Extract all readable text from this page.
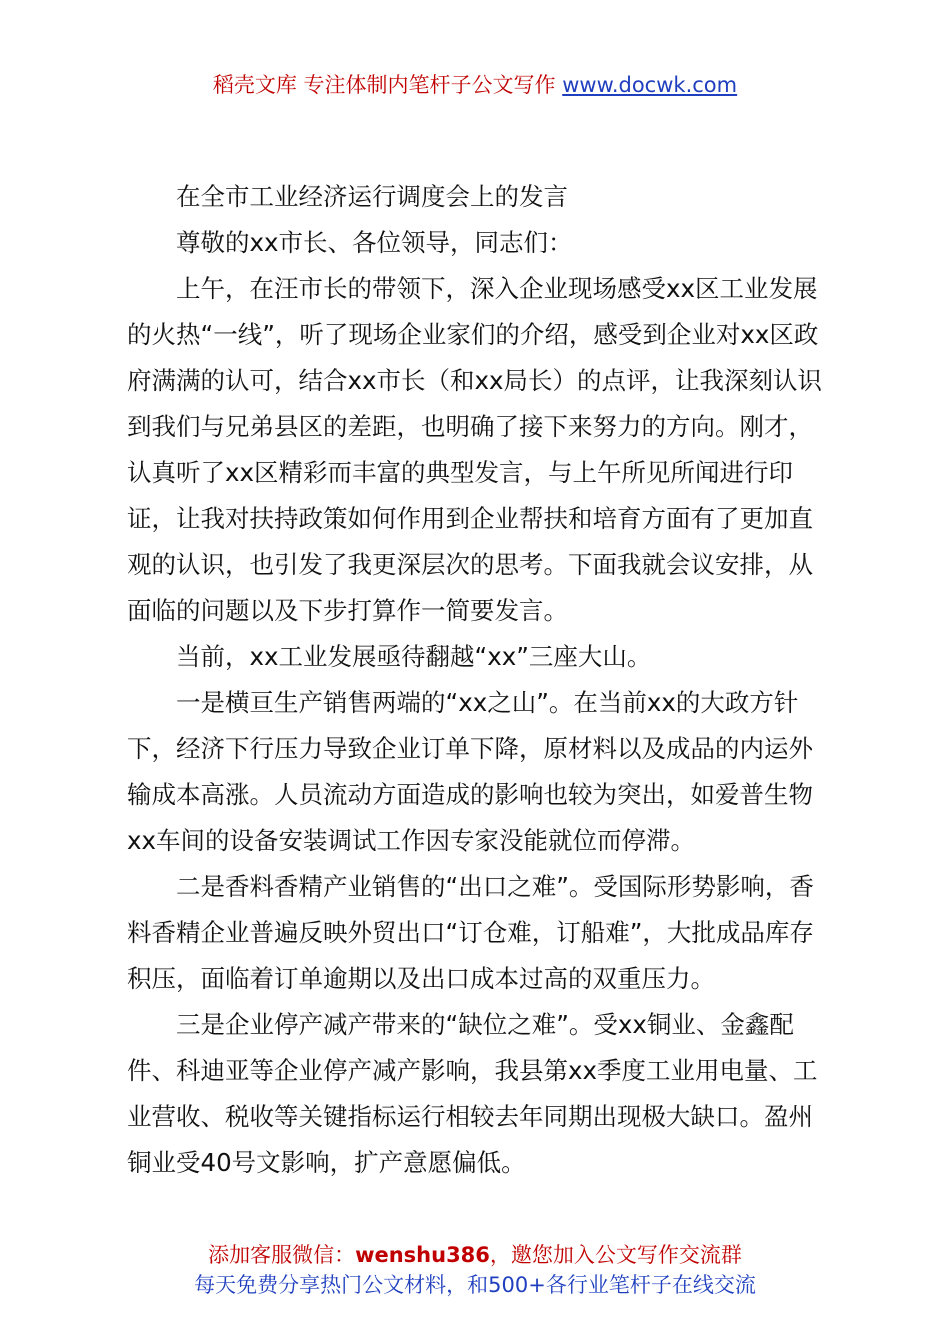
稻壳文库 专注体制内笔杆子公文写作 www.docwk.com

在全市工业经济运行调度会上的发言

尊敬的xx市长、各位领导，同志们：

上午，在汪市长的带领下，深入企业现场感受xx区工业发展的火热“一线”，听了现场企业家们的介绍，感受到企业对xx区政府满满的认可，结合xx市长（和xx局长）的点评，让我深刻认识到我们与兄弟县区的差距，也明确了接下来努力的方向。刚才，认真听了xx区精彩而丰富的典型发言，与上午所见所闻进行印证，让我对扶持政策如何作用到企业帮扶和培育方面有了更加直观的认识，也引发了我更深层次的思考。下面我就会议安排，从面临的问题以及下步打算作一简要发言。

当前，xx工业发展亟待翻越“xx”三座大山。

一是横亘生产销售两端的“xx之山”。在当前xx的大政方针下，经济下行压力导致企业订单下降，原材料以及成品的内运外输成本高涨。人员流动方面造成的影响也较为突出，如爱普生物xx车间的设备安装调试工作因专家没能就位而停滞。

二是香料香精产业销售的“出口之难”。受国际形势影响，香料香精企业普遍反映外贸出口“订仓难，订船难”，大批成品库存积压，面临着订单逾期以及出口成本过高的双重压力。

三是企业停产减产带来的“缺位之难”。受xx铜业、金鑫配件、科迪亚等企业停产减产影响，我县第xx季度工业用电量、工业营收、税收等关键指标运行相较去年同期出现极大缺口。盈州铜业受40号文影响，扩产意愿偏低。

添加客服微信：wenshu386，邀您加入公文写作交流群
每天免费分享热门公文材料，和500+各行业笔杆子在线交流
